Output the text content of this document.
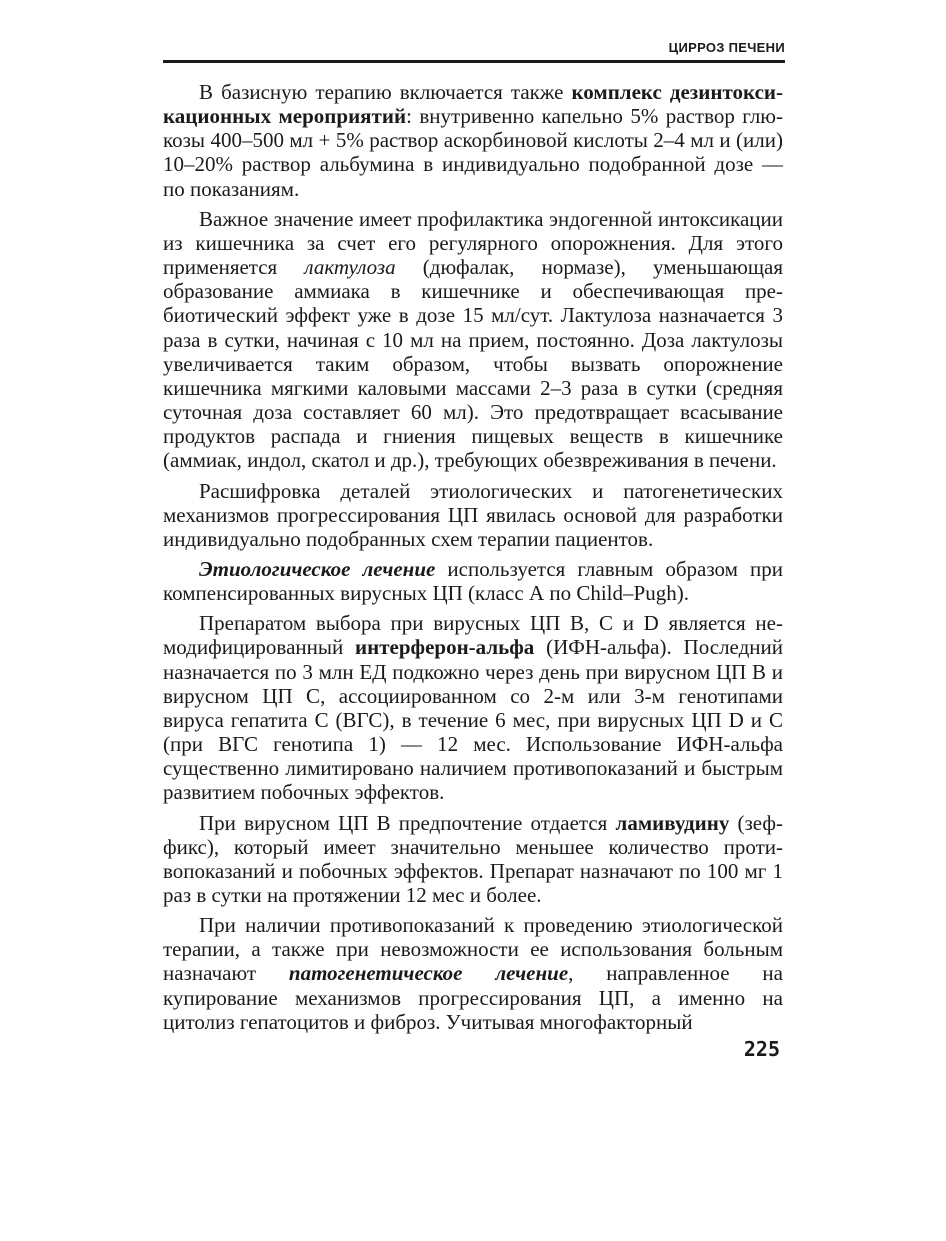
ЦИРРОЗ ПЕЧЕНИ

В базисную терапию включается также комплекс дезинтоксикационных мероприятий: внутривенно капельно 5% раствор глюкозы 400–500 мл + 5% раствор аскорбиновой кислоты 2–4 мл и (или) 10–20% раствор альбумина в индивидуально подобранной дозе — по показаниям.

Важное значение имеет профилактика эндогенной интоксикации из кишечника за счет его регулярного опорожнения. Для этого применяется лактулоза (дюфалак, нормазе), уменьшающая образование аммиака в кишечнике и обеспечивающая пребиотический эффект уже в дозе 15 мл/сут. Лактулоза назначается 3 раза в сутки, начиная с 10 мл на прием, постоянно. Доза лактулозы увеличивается таким образом, чтобы вызвать опорожнение кишечника мягкими каловыми массами 2–3 раза в сутки (средняя суточная доза составляет 60 мл). Это предотвращает всасывание продуктов распада и гниения пищевых веществ в кишечнике (аммиак, индол, скатол и др.), требующих обезвреживания в печени.

Расшифровка деталей этиологических и патогенетических механизмов прогрессирования ЦП явилась основой для разработки индивидуально подобранных схем терапии пациентов.

Этиологическое лечение используется главным образом при компенсированных вирусных ЦП (класс А по Child–Pugh).

Препаратом выбора при вирусных ЦП В, С и D является немодифицированный интерферон-альфа (ИФН-альфа). Последний назначается по 3 млн ЕД подкожно через день при вирусном ЦП В и вирусном ЦП С, ассоциированном со 2-м или 3-м генотипами вируса гепатита С (ВГС), в течение 6 мес, при вирусных ЦП D и С (при ВГС генотипа 1) — 12 мес. Использование ИФН-альфа существенно лимитировано наличием противопоказаний и быстрым развитием побочных эффектов.

При вирусном ЦП В предпочтение отдается ламивудину (зеффикс), который имеет значительно меньшее количество противопоказаний и побочных эффектов. Препарат назначают по 100 мг 1 раз в сутки на протяжении 12 мес и более.

При наличии противопоказаний к проведению этиологической терапии, а также при невозможности ее использования больным назначают патогенетическое лечение, направленное на купирование механизмов прогрессирования ЦП, а именно на цитолиз гепатоцитов и фиброз. Учитывая многофакторный

225
